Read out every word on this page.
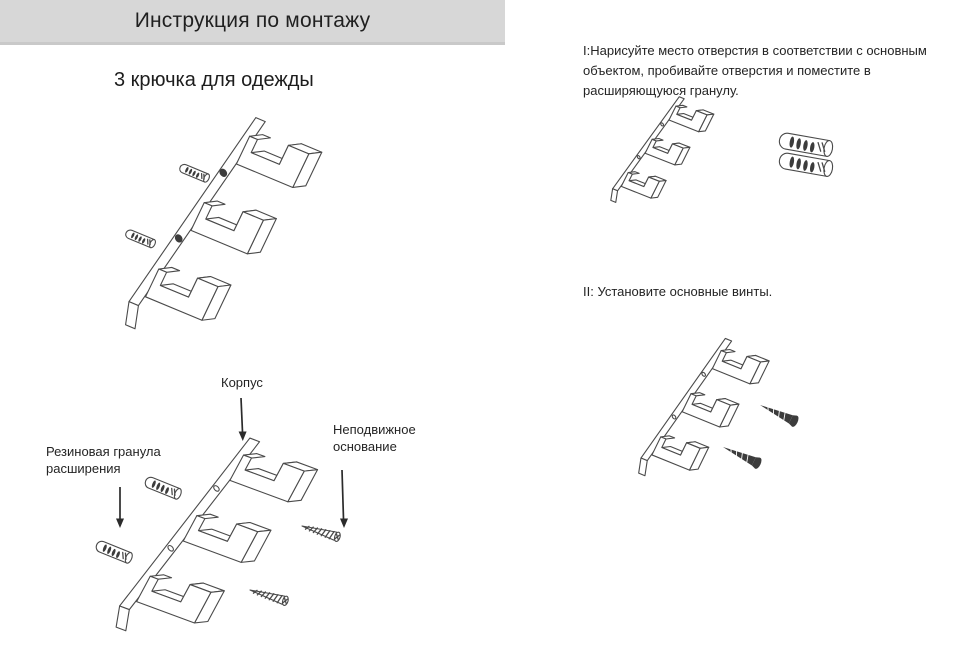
Инструкция по монтажу
3 крючка для одежды
Корпус
Неподвижное основание
Резиновая гранула расширения
I:Нарисуйте место отверстия в соответствии с основным объектом, пробивайте отверстия и поместите в расширяющуюся гранулу.
II: Установите основные винты.
